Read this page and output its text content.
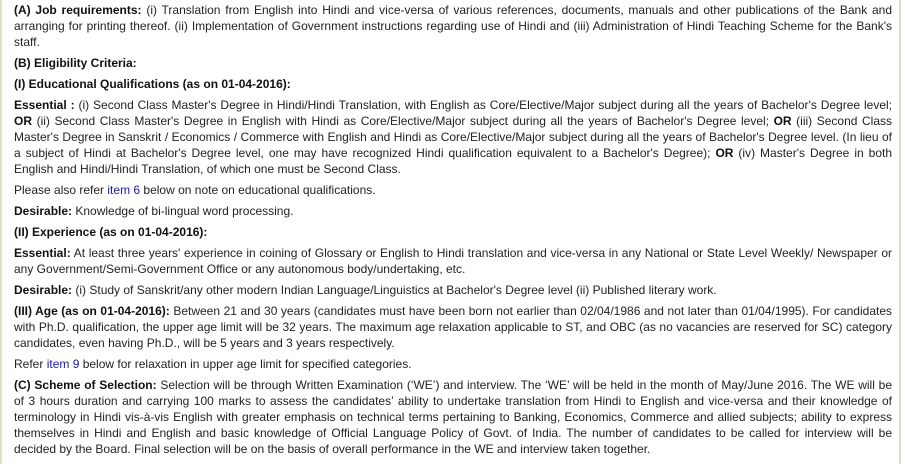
(A) Job requirements: (i) Translation from English into Hindi and vice-versa of various references, documents, manuals and other publications of the Bank and arranging for printing thereof. (ii) Implementation of Government instructions regarding use of Hindi and (iii) Administration of Hindi Teaching Scheme for the Bank's staff.

(B) Eligibility Criteria:

(I) Educational Qualifications (as on 01-04-2016):

Essential : (i) Second Class Master's Degree in Hindi/Hindi Translation, with English as Core/Elective/Major subject during all the years of Bachelor's Degree level; OR (ii) Second Class Master's Degree in English with Hindi as Core/Elective/Major subject during all the years of Bachelor's Degree level; OR (iii) Second Class Master's Degree in Sanskrit / Economics / Commerce with English and Hindi as Core/Elective/Major subject during all the years of Bachelor's Degree level. (In lieu of a subject of Hindi at Bachelor's Degree level, one may have recognized Hindi qualification equivalent to a Bachelor's Degree); OR (iv) Master's Degree in both English and Hindi/Hindi Translation, of which one must be Second Class.

Please also refer item 6 below on note on educational qualifications.

Desirable: Knowledge of bi-lingual word processing.

(II) Experience (as on 01-04-2016):

Essential: At least three years' experience in coining of Glossary or English to Hindi translation and vice-versa in any National or State Level Weekly/ Newspaper or any Government/Semi-Government Office or any autonomous body/undertaking, etc.

Desirable: (i) Study of Sanskrit/any other modern Indian Language/Linguistics at Bachelor's Degree level (ii) Published literary work.

(III) Age (as on 01-04-2016): Between 21 and 30 years (candidates must have been born not earlier than 02/04/1986 and not later than 01/04/1995). For candidates with Ph.D. qualification, the upper age limit will be 32 years. The maximum age relaxation applicable to ST, and OBC (as no vacancies are reserved for SC) category candidates, even having Ph.D., will be 5 years and 3 years respectively.

Refer item 9 below for relaxation in upper age limit for specified categories.

(C) Scheme of Selection: Selection will be through Written Examination (‘WE’) and interview. The ‘WE’ will be held in the month of May/June 2016. The WE will be of 3 hours duration and carrying 100 marks to assess the candidates’ ability to undertake translation from Hindi to English and vice-versa and their knowledge of terminology in Hindi vis-à-vis English with greater emphasis on technical terms pertaining to Banking, Economics, Commerce and allied subjects; ability to express themselves in Hindi and English and basic knowledge of Official Language Policy of Govt. of India. The number of candidates to be called for interview will be decided by the Board. Final selection will be on the basis of overall performance in the WE and interview taken together.
